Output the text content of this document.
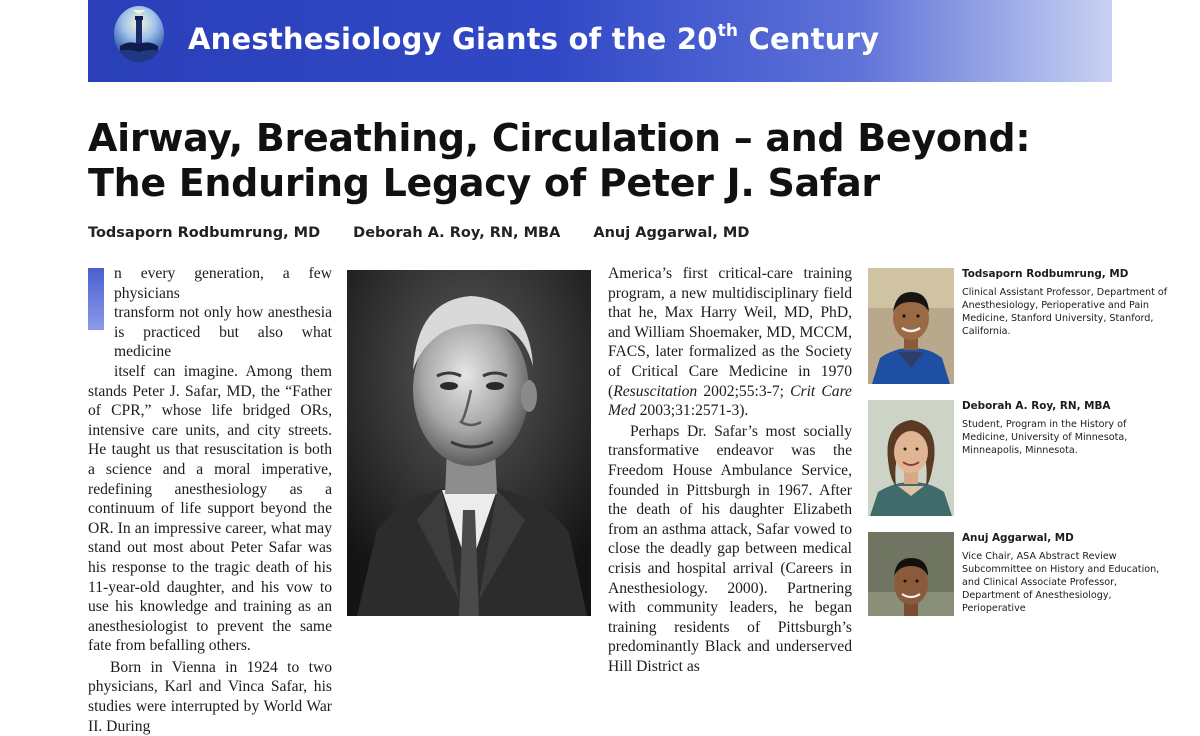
Anesthesiology Giants of the 20th Century
Airway, Breathing, Circulation – and Beyond:
The Enduring Legacy of Peter J. Safar
Todsaporn Rodbumrung, MD Deborah A. Roy, RN, MBA Anuj Aggarwal, MD
n every generation, a few physicians
transform not only how anesthesia
is practiced but also what medicine
itself can imagine. Among them

stands Peter J. Safar, MD, the “Father of CPR,” whose life bridged ORs, intensive care units, and city streets. He taught us that resuscitation is both a science and a moral imperative, redefining anesthesiology as a continuum of life support beyond the OR. In an impressive career, what may stand out most about Peter Safar was his response to the tragic death of his 11-year-old daughter, and his vow to use his knowledge and training as an anesthesiologist to prevent the same fate from befalling others.

Born in Vienna in 1924 to two physicians, Karl and Vinca Safar, his studies were interrupted by World War II. During

America’s first critical-care training program, a new multidisciplinary field that he, Max Harry Weil, MD, PhD, and William Shoemaker, MD, MCCM, FACS, later formalized as the Society of Critical Care Medicine in 1970 (Resuscitation 2002;55:3-7; Crit Care Med 2003;31:2571-3).

Perhaps Dr. Safar’s most socially transformative endeavor was the Freedom House Ambulance Service, founded in Pittsburgh in 1967. After the death of his daughter Elizabeth from an asthma attack, Safar vowed to close the deadly gap between medical crisis and hospital arrival (Careers in Anesthesiology. 2000). Partnering with community leaders, he began training residents of Pittsburgh’s predominantly Black and underserved Hill District as

Todsaporn Rodbumrung, MD
Clinical Assistant Professor, Department of Anesthesiology, Perioperative and Pain Medicine, Stanford University, Stanford, California.
Deborah A. Roy, RN, MBA
Student, Program in the History of Medicine, University of Minnesota, Minneapolis, Minnesota.
Anuj Aggarwal, MD
Vice Chair, ASA Abstract Review Subcommittee on History and Education, and Clinical Associate Professor, Department of Anesthesiology, Perioperative
